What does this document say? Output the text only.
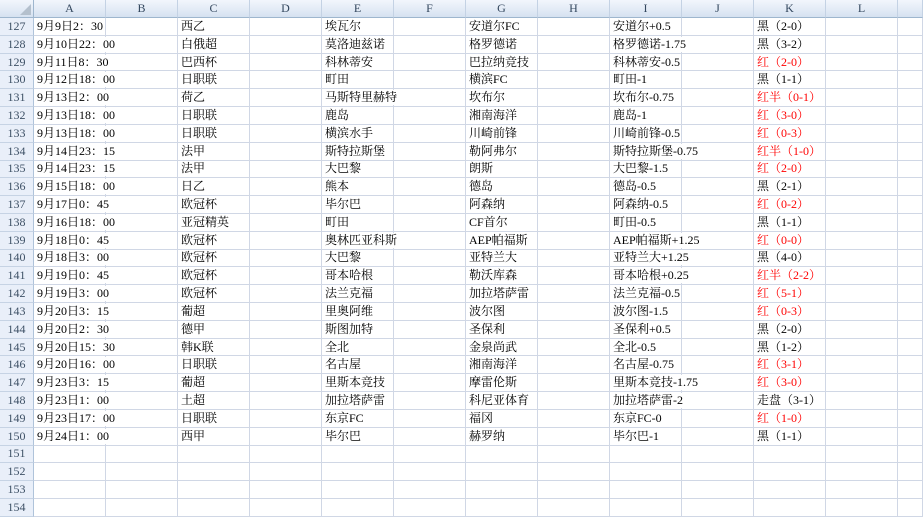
	A	B	C	D	E	F	G	H	I	J	K	L	
127	9月9日2：30		西乙		埃瓦尔		安道尔FC		安道尔+0.5		黑（2-0）		
128	9月10日22：00		白俄超		莫洛迪兹诺		格罗德诺		格罗德诺-1.75		黑（3-2）		
129	9月11日8：30		巴西杯		科林蒂安		巴拉纳竞技		科林蒂安-0.5		红（2-0）		
130	9月12日18：00		日职联		町田		横滨FC		町田-1		黑（1-1）		
131	9月13日2：00		荷乙		马斯特里赫特		坎布尔		坎布尔-0.75		红半（0-1）		
132	9月13日18：00		日职联		鹿岛		湘南海洋		鹿岛-1		红（3-0）		
133	9月13日18：00		日职联		横滨水手		川崎前锋		川崎前锋-0.5		红（0-3）		
134	9月14日23：15		法甲		斯特拉斯堡		勒阿弗尔		斯特拉斯堡-0.75		红半（1-0）		
135	9月14日23：15		法甲		大巴黎		朗斯		大巴黎-1.5		红（2-0）		
136	9月15日18：00		日乙		熊本		德岛		德岛-0.5		黑（2-1）		
137	9月17日0：45		欧冠杯		毕尔巴		阿森纳		阿森纳-0.5		红（0-2）		
138	9月16日18：00		亚冠精英		町田		CF首尔		町田-0.5		黑（1-1）		
139	9月18日0：45		欧冠杯		奥林匹亚科斯		AEP帕福斯		AEP帕福斯+1.25		红（0-0）		
140	9月18日3：00		欧冠杯		大巴黎		亚特兰大		亚特兰大+1.25		黑（4-0）		
141	9月19日0：45		欧冠杯		哥本哈根		勒沃库森		哥本哈根+0.25		红半（2-2）		
142	9月19日3：00		欧冠杯		法兰克福		加拉塔萨雷		法兰克福-0.5		红（5-1）		
143	9月20日3：15		葡超		里奥阿维		波尔图		波尔图-1.5		红（0-3）		
144	9月20日2：30		德甲		斯图加特		圣保利		圣保利+0.5		黑（2-0）		
145	9月20日15：30		韩K联		全北		金泉尚武		全北-0.5		黑（1-2）		
146	9月20日16：00		日职联		名古屋		湘南海洋		名古屋-0.75		红（3-1）		
147	9月23日3：15		葡超		里斯本竞技		摩雷伦斯		里斯本竞技-1.75		红（3-0）		
148	9月23日1：00		土超		加拉塔萨雷		科尼亚体育		加拉塔萨雷-2		走盘（3-1）		
149	9月23日17：00		日职联		东京FC		福冈		东京FC-0		红（1-0）		
150	9月24日1：00		西甲		毕尔巴		赫罗纳		毕尔巴-1		黑（1-1）		
151													
152													
153													
154													
